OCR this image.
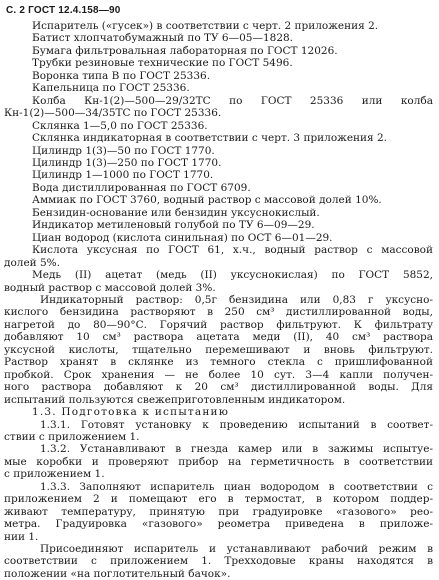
С. 2 ГОСТ 12.4.158—90
Испаритель («гусек») в соответствии с черт. 2 приложения 2.
Батист хлопчатобумажный по ТУ 6—05—1828.
Бумага фильтровальная лабораторная по ГОСТ 12026.
Трубки резиновые технические по ГОСТ 5496.
Воронка типа В по ГОСТ 25336.
Капельница по ГОСТ 25336.
Колба Кн-1(2)—500—29/32ТС по ГОСТ 25336 или колба
Кн-1(2)—500—34/35ТС по ГОСТ 25336.
Склянка 1—5,0 по ГОСТ 25336.
Склянка индикаторная в соответствии с черт. 3 приложения 2.
Цилиндр 1(3)—50 по ГОСТ 1770.
Цилиндр 1(3)—250 по ГОСТ 1770.
Цилиндр 1—1000 по ГОСТ 1770.
Вода дистиллированная по ГОСТ 6709.
Аммиак по ГОСТ 3760, водный раствор с массовой долей 10%.
Бензидин-основание или бензидин уксуснокислый.
Индикатор метиленовый голубой по ТУ 6—09—29.
Циан водород (кислота синильная) по ОСТ 6—01—29.
Кислота уксусная по ГОСТ 61, х.ч., водный раствор с массовой
долей 5%.
Медь (II) ацетат (медь (II) уксуснокислая) по ГОСТ 5852,
водный раствор с массовой долей 3%.
Индикаторный раствор: 0,5г бензидина или 0,83 г уксусно-
кислого бензидина растворяют в 250 см³ дистиллированной воды,
нагретой до 80—90°С. Горячий раствор фильтруют. К фильтрату
добавляют 10 см³ раствора ацетата меди (II), 40 см³ раствора
уксусной кислоты, тщательно перемешивают и вновь фильтруют.
Раствор хранят в склянке из темного стекла с пришлифованной
пробкой. Срок хранения — не более 10 сут. 3—4 капли получен-
ного раствора добавляют к 20 см³ дистиллированной воды. Для
испытаний пользуются свежеприготовленным индикатором.
1.3. Подготовка к испытанию
1.3.1. Готовят установку к проведению испытаний в соответ-
ствии с приложением 1.
1.3.2. Устанавливают в гнезда камер или в зажимы испытуе-
мые коробки и проверяют прибор на герметичность в соответствии
с приложением 1.
1.3.3. Заполняют испаритель циан водородом в соответствии с
приложением 2 и помещают его в термостат, в котором поддер-
живают температуру, принятую при градуировке «газового» рео-
метра. Градуировка «газового» реометра приведена в приложе-
нии 1.
Присоединяют испаритель и устанавливают рабочий режим в
соответствии с приложением 1. Трехходовые краны находятся в
положении «на поглотительный бачок».
